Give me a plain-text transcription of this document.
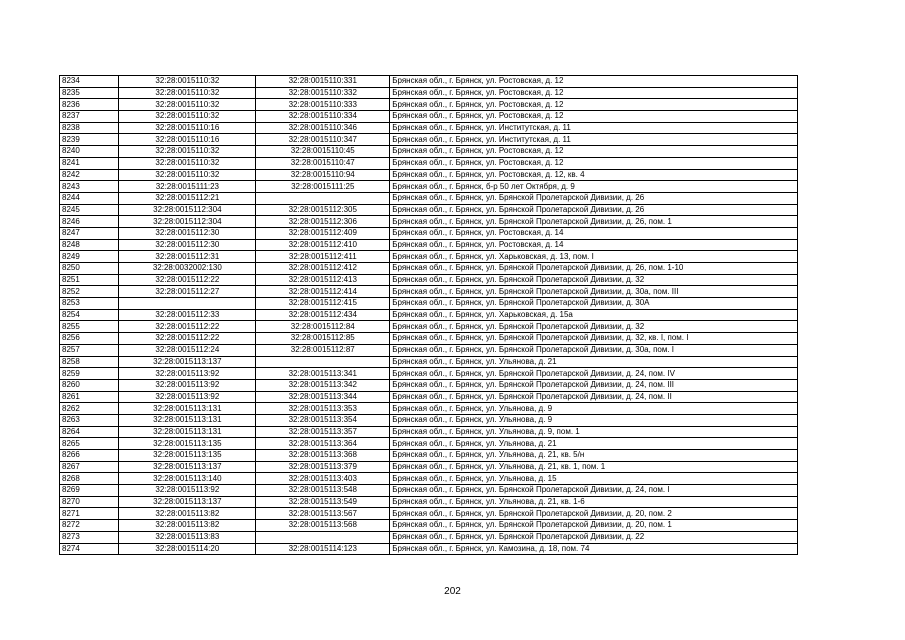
8234	32:28:0015110:32	32:28:0015110:331	Брянская обл., г. Брянск, ул. Ростовская, д. 12
8235	32:28:0015110:32	32:28:0015110:332	Брянская обл., г. Брянск, ул. Ростовская, д. 12
8236	32:28:0015110:32	32:28:0015110:333	Брянская обл., г. Брянск, ул. Ростовская, д. 12
8237	32:28:0015110:32	32:28:0015110:334	Брянская обл., г. Брянск, ул. Ростовская, д. 12
8238	32:28:0015110:16	32:28:0015110:346	Брянская обл., г. Брянск, ул. Институтская, д. 11
8239	32:28:0015110:16	32:28:0015110:347	Брянская обл., г. Брянск, ул. Институтская, д. 11
8240	32:28:0015110:32	32:28:0015110:45	Брянская обл., г. Брянск, ул. Ростовская, д. 12
8241	32:28:0015110:32	32:28:0015110:47	Брянская обл., г. Брянск, ул. Ростовская, д. 12
8242	32:28:0015110:32	32:28:0015110:94	Брянская обл., г. Брянск, ул. Ростовская, д. 12, кв. 4
8243	32:28:0015111:23	32:28:0015111:25	Брянская обл., г. Брянск, б-р 50 лет Октября, д. 9
8244	32:28:0015112:21		Брянская обл., г. Брянск, ул. Брянской Пролетарской Дивизии, д. 26
8245	32:28:0015112:304	32:28:0015112:305	Брянская обл., г. Брянск, ул. Брянской Пролетарской Дивизии, д. 26
8246	32:28:0015112:304	32:28:0015112:306	Брянская обл., г. Брянск, ул. Брянской Пролетарской Дивизии, д. 26, пом. 1
8247	32:28:0015112:30	32:28:0015112:409	Брянская обл., г. Брянск, ул. Ростовская, д. 14
8248	32:28:0015112:30	32:28:0015112:410	Брянская обл., г. Брянск, ул. Ростовская, д. 14
8249	32:28:0015112:31	32:28:0015112:411	Брянская обл., г. Брянск, ул. Харьковская, д. 13, пом. I
8250	32:28:0032002:130	32:28:0015112:412	Брянская обл., г. Брянск, ул. Брянской Пролетарской Дивизии, д. 26, пом. 1-10
8251	32:28:0015112:22	32:28:0015112:413	Брянская обл., г. Брянск, ул. Брянской Пролетарской Дивизии, д. 32
8252	32:28:0015112:27	32:28:0015112:414	Брянская обл., г. Брянск, ул. Брянской Пролетарской Дивизии, д. 30а, пом. III
8253		32:28:0015112:415	Брянская обл., г. Брянск, ул. Брянской Пролетарской Дивизии, д. 30А
8254	32:28:0015112:33	32:28:0015112:434	Брянская обл., г. Брянск, ул. Харьковская, д. 15а
8255	32:28:0015112:22	32:28:0015112:84	Брянская обл., г. Брянск, ул. Брянской Пролетарской Дивизии, д. 32
8256	32:28:0015112:22	32:28:0015112:85	Брянская обл., г. Брянск, ул. Брянской Пролетарской Дивизии, д. 32, кв. I, пом. I
8257	32:28:0015112:24	32:28:0015112:87	Брянская обл., г. Брянск, ул. Брянской Пролетарской Дивизии, д. 30а, пом. I
8258	32:28:0015113:137		Брянская обл., г. Брянск, ул. Ульянова, д. 21
8259	32:28:0015113:92	32:28:0015113:341	Брянская обл., г. Брянск, ул. Брянской Пролетарской Дивизии, д. 24, пом. IV
8260	32:28:0015113:92	32:28:0015113:342	Брянская обл., г. Брянск, ул. Брянской Пролетарской Дивизии, д. 24, пом. III
8261	32:28:0015113:92	32:28:0015113:344	Брянская обл., г. Брянск, ул. Брянской Пролетарской Дивизии, д. 24, пом. II
8262	32:28:0015113:131	32:28:0015113:353	Брянская обл., г. Брянск, ул. Ульянова, д. 9
8263	32:28:0015113:131	32:28:0015113:354	Брянская обл., г. Брянск, ул. Ульянова, д. 9
8264	32:28:0015113:131	32:28:0015113:357	Брянская обл., г. Брянск, ул. Ульянова, д. 9, пом. 1
8265	32:28:0015113:135	32:28:0015113:364	Брянская обл., г. Брянск, ул. Ульянова, д. 21
8266	32:28:0015113:135	32:28:0015113:368	Брянская обл., г. Брянск, ул. Ульянова, д. 21, кв. 5/н
8267	32:28:0015113:137	32:28:0015113:379	Брянская обл., г. Брянск, ул. Ульянова, д. 21, кв. 1, пом. 1
8268	32:28:0015113:140	32:28:0015113:403	Брянская обл., г. Брянск, ул. Ульянова, д. 15
8269	32:28:0015113:92	32:28:0015113:548	Брянская обл., г. Брянск, ул. Брянской Пролетарской Дивизии, д. 24, пом. I
8270	32:28:0015113:137	32:28:0015113:549	Брянская обл., г. Брянск, ул. Ульянова, д. 21, кв. 1-6
8271	32:28:0015113:82	32:28:0015113:567	Брянская обл., г. Брянск, ул. Брянской Пролетарской Дивизии, д. 20, пом. 2
8272	32:28:0015113:82	32:28:0015113:568	Брянская обл., г. Брянск, ул. Брянской Пролетарской Дивизии, д. 20, пом. 1
8273	32:28:0015113:83		Брянская обл., г. Брянск, ул. Брянской Пролетарской Дивизии, д. 22
8274	32:28:0015114:20	32:28:0015114:123	Брянская обл., г. Брянск, ул. Камозина, д. 18, пом. 74
202
